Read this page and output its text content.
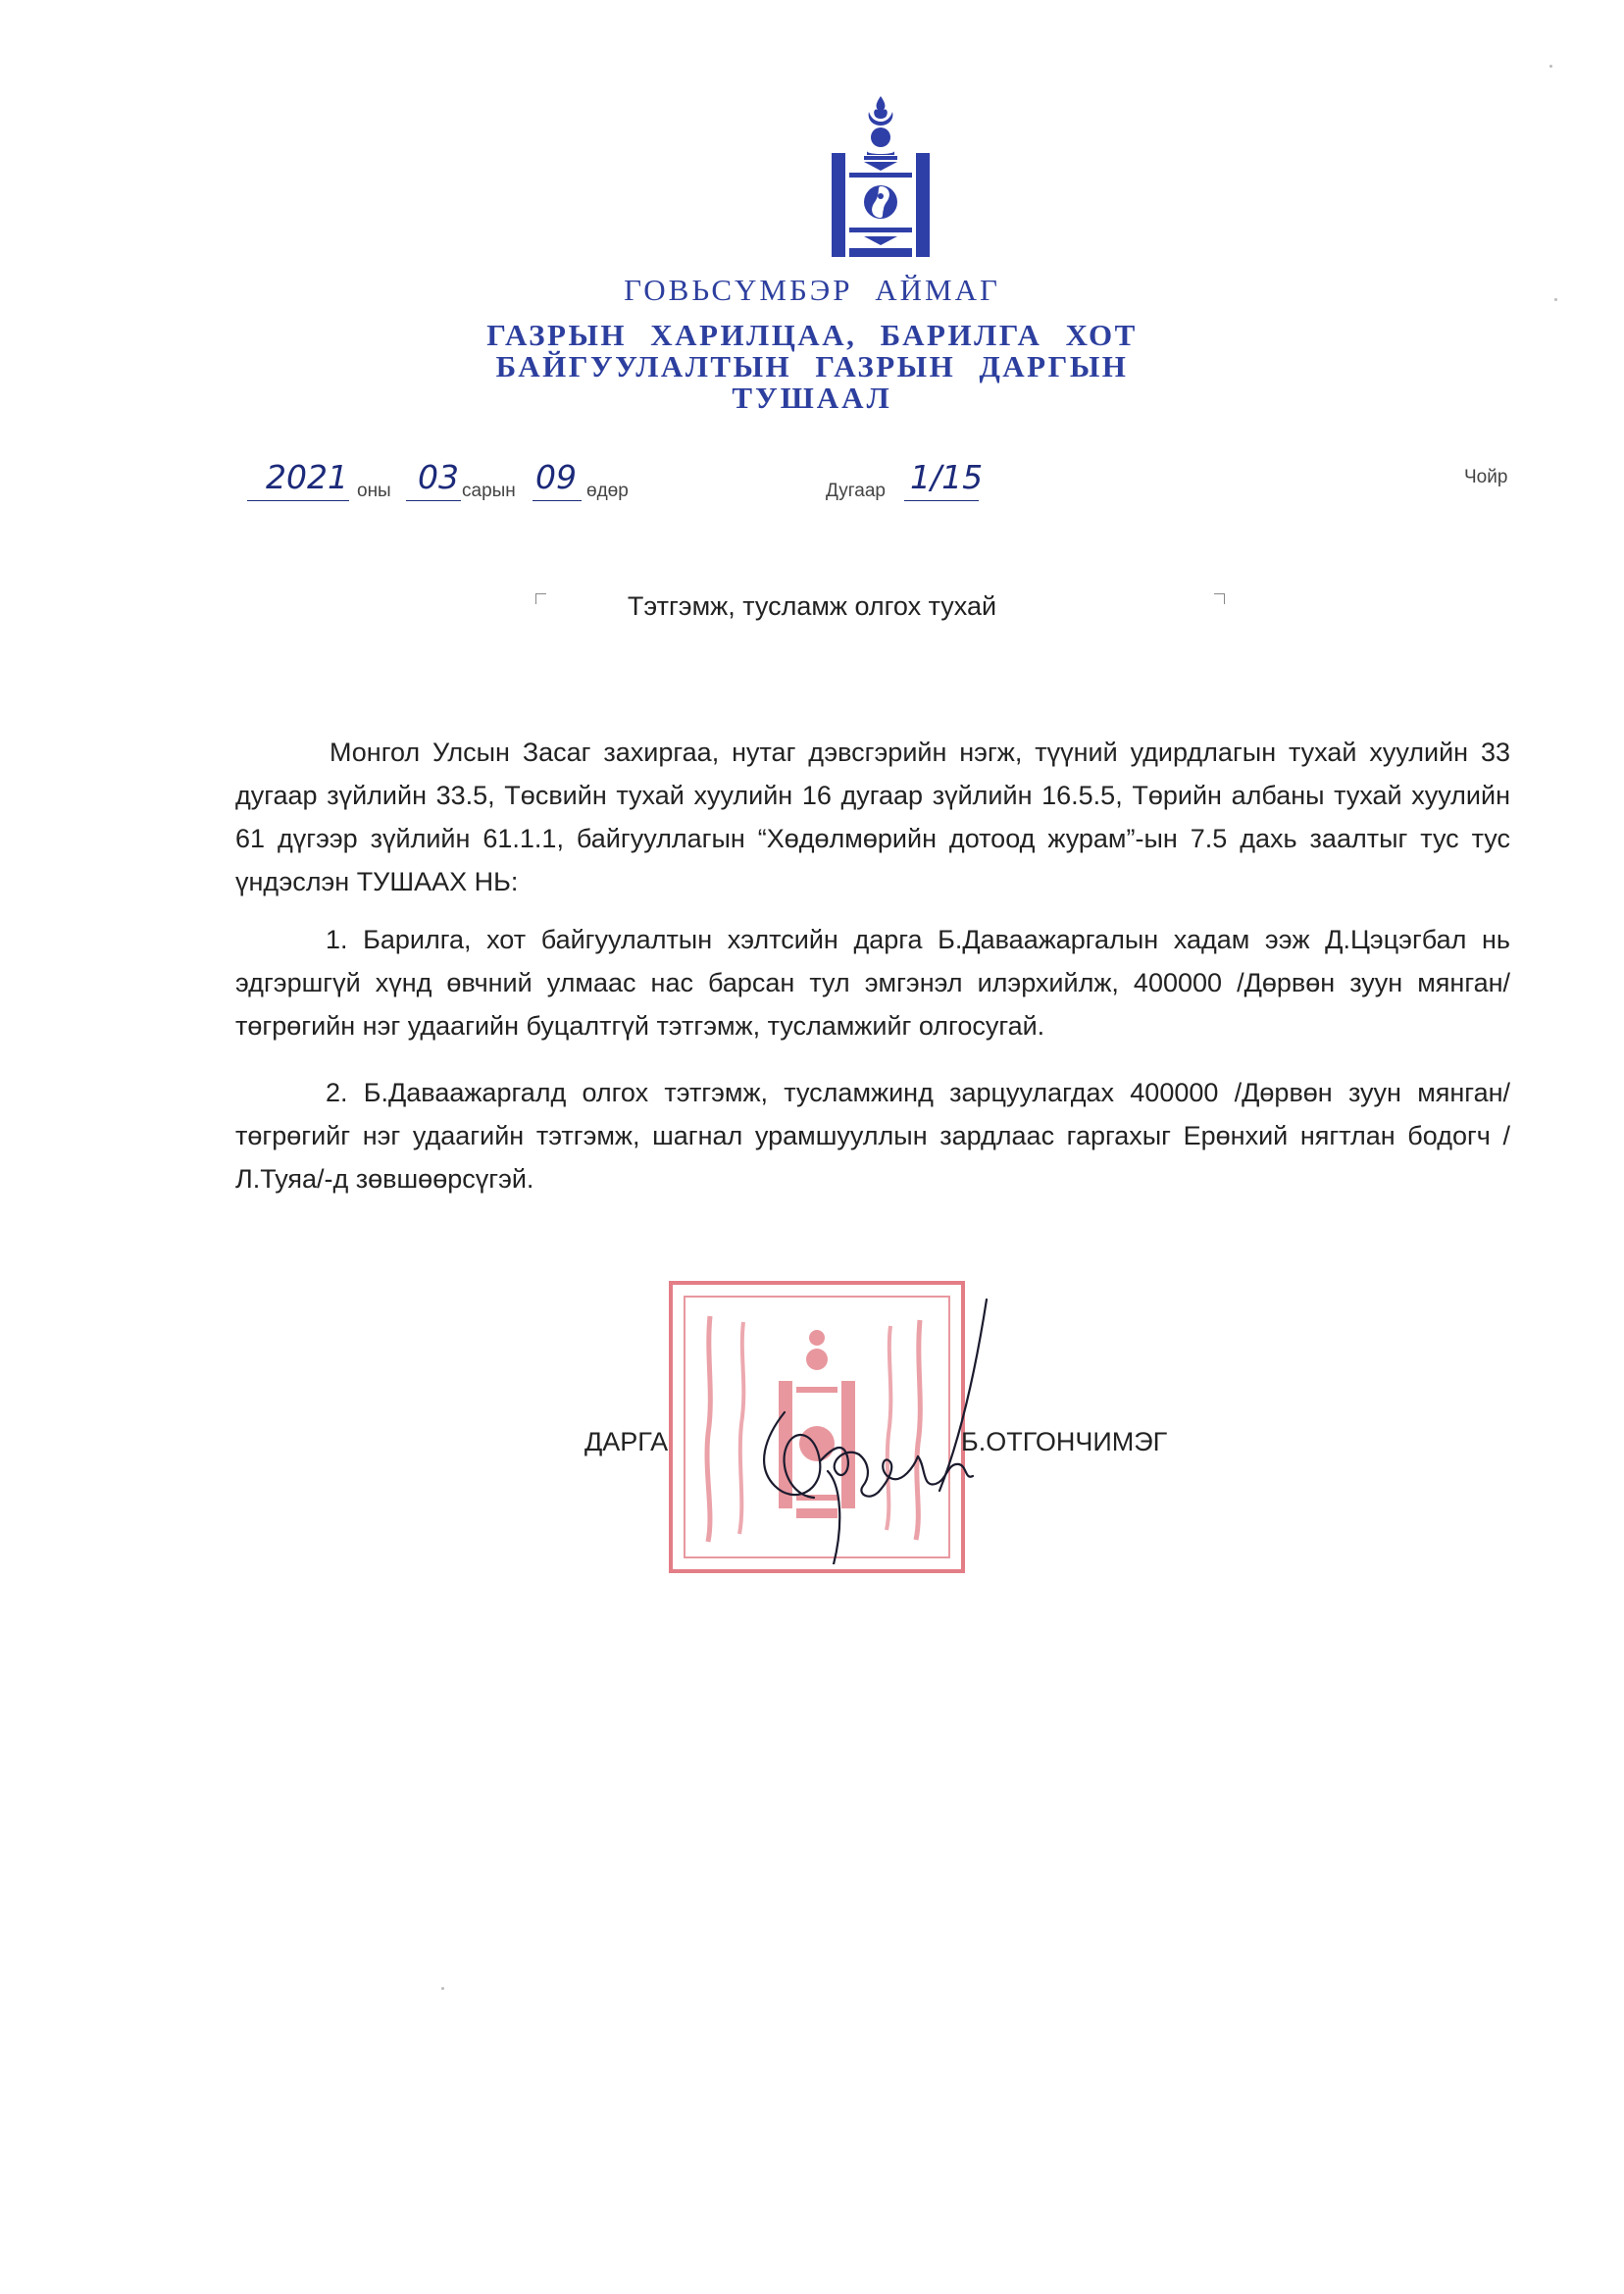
ГОВЬСҮМБЭР АЙМАГ
ГАЗРЫН ХАРИЛЦАА, БАРИЛГА ХОТ
БАЙГУУЛАЛТЫН ГАЗРЫН ДАРГЫН
ТУШААЛ
2021 оны 03 сарын 09 өдөр	Дугаар 1/15	Чойр
Тэтгэмж, тусламж олгох тухай

Монгол Улсын Засаг захиргаа, нутаг дэвсгэрийн нэгж, түүний удирдлагын тухай хуулийн 33 дугаар зүйлийн 33.5, Төсвийн тухай хуулийн 16 дугаар зүйлийн 16.5.5, Төрийн албаны тухай хуулийн 61 дүгээр зүйлийн 61.1.1, байгууллагын “Хөдөлмөрийн дотоод журам”-ын 7.5 дахь заалтыг тус тус үндэслэн ТУШААХ НЬ:

1. Барилга, хот байгуулалтын хэлтсийн дарга Б.Даваажаргалын хадам ээж Д.Цэцэгбал нь эдгэршгүй хүнд өвчний улмаас нас барсан тул эмгэнэл илэрхийлж, 400000 /Дөрвөн зуун мянган/ төгрөгийн нэг удаагийн буцалтгүй тэтгэмж, тусламжийг олгосугай.

2. Б.Даваажаргалд олгох тэтгэмж, тусламжинд зарцуулагдах 400000 /Дөрвөн зуун мянган/ төгрөгийг нэг удаагийн тэтгэмж, шагнал урамшууллын зардлаас гаргахыг Ерөнхий нягтлан бодогч /Л.Туяа/-д зөвшөөрсүгэй.

ДАРГА	Б.ОТГОНЧИМЭГ
